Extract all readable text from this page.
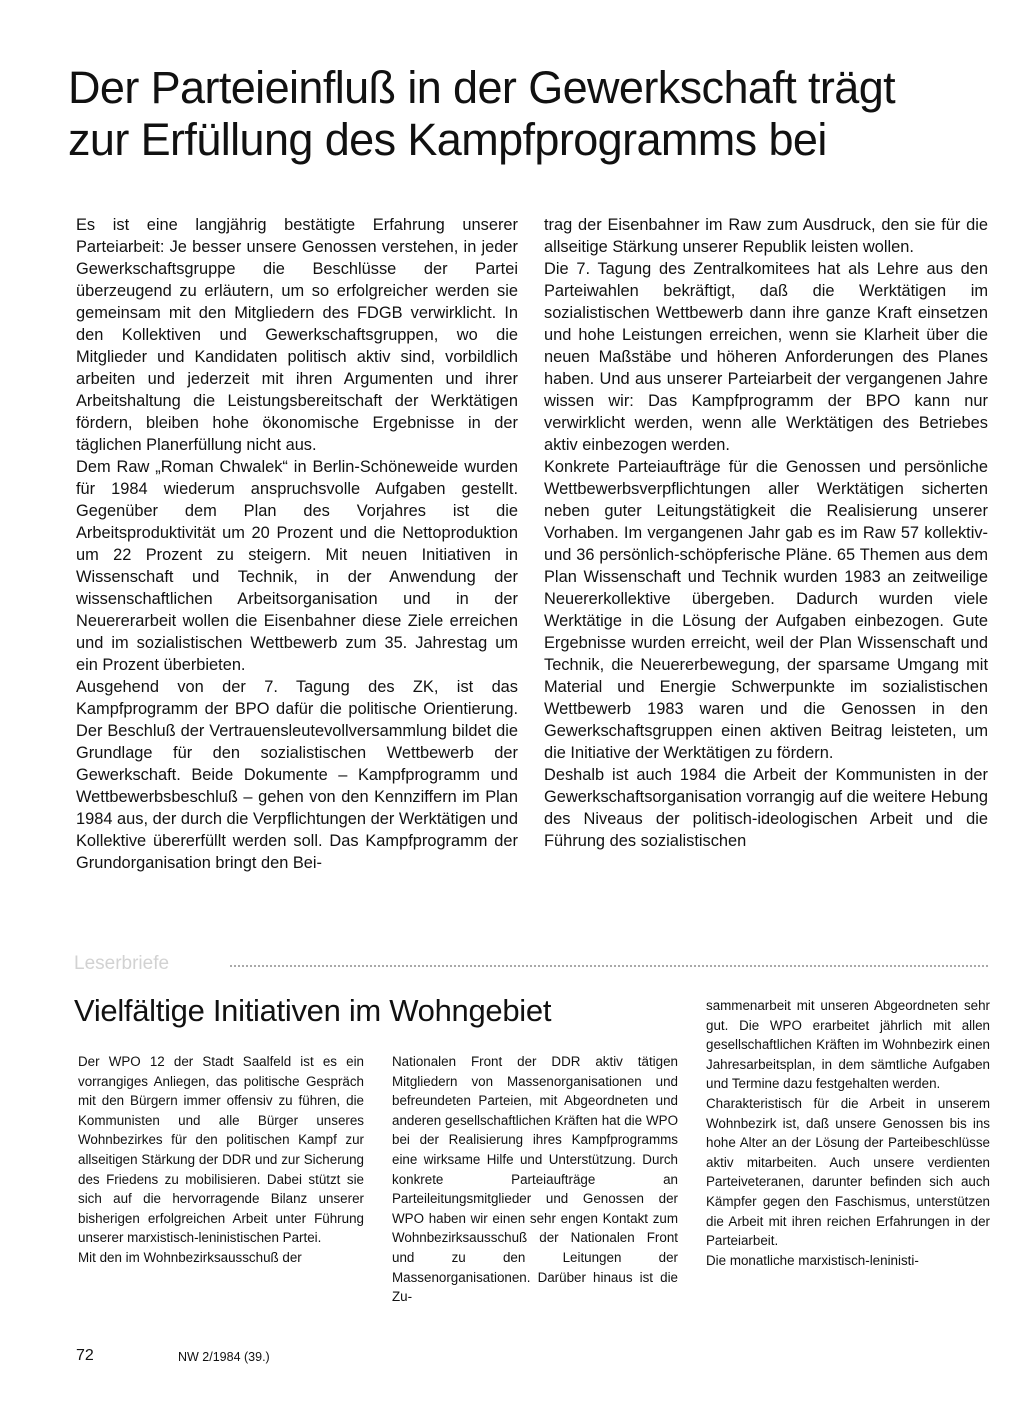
Der Parteieinfluß in der Gewerkschaft trägt
zur Erfüllung des Kampfprogramms bei

Es ist eine langjährig bestätigte Erfahrung unserer Parteiarbeit: Je besser unsere Genossen verstehen, in jeder Gewerkschaftsgruppe die Beschlüsse der Partei überzeugend zu erläutern, um so erfolgreicher werden sie gemeinsam mit den Mitgliedern des FDGB verwirklicht. In den Kollektiven und Gewerkschaftsgruppen, wo die Mitglieder und Kandidaten politisch aktiv sind, vorbildlich arbeiten und jederzeit mit ihren Argumenten und ihrer Arbeitshaltung die Leistungsbereitschaft der Werktätigen fördern, bleiben hohe ökonomische Ergebnisse in der täglichen Planerfüllung nicht aus.

Dem Raw „Roman Chwalek“ in Berlin-Schöneweide wurden für 1984 wiederum anspruchsvolle Aufgaben gestellt. Gegenüber dem Plan des Vorjahres ist die Arbeitsproduktivität um 20 Prozent und die Nettoproduktion um 22 Prozent zu steigern. Mit neuen Initiativen in Wissenschaft und Technik, in der Anwendung der wissenschaftlichen Arbeitsorganisation und in der Neuererarbeit wollen die Eisenbahner diese Ziele erreichen und im sozialistischen Wettbewerb zum 35. Jahrestag um ein Prozent überbieten.

Ausgehend von der 7. Tagung des ZK, ist das Kampfprogramm der BPO dafür die politische Orientierung. Der Beschluß der Vertrauensleutevollversammlung bildet die Grundlage für den sozialistischen Wettbewerb der Gewerkschaft. Beide Dokumente – Kampfprogramm und Wettbewerbsbeschluß – gehen von den Kennziffern im Plan 1984 aus, der durch die Verpflichtungen der Werktätigen und Kollektive übererfüllt werden soll. Das Kampfprogramm der Grundorganisation bringt den Bei-

trag der Eisenbahner im Raw zum Ausdruck, den sie für die allseitige Stärkung unserer Republik leisten wollen.

Die 7. Tagung des Zentralkomitees hat als Lehre aus den Parteiwahlen bekräftigt, daß die Werktätigen im sozialistischen Wettbewerb dann ihre ganze Kraft einsetzen und hohe Leistungen erreichen, wenn sie Klarheit über die neuen Maßstäbe und höheren Anforderungen des Planes haben. Und aus unserer Parteiarbeit der vergangenen Jahre wissen wir: Das Kampfprogramm der BPO kann nur verwirklicht werden, wenn alle Werktätigen des Betriebes aktiv einbezogen werden.

Konkrete Parteiaufträge für die Genossen und persönliche Wettbewerbsverpflichtungen aller Werktätigen sicherten neben guter Leitungstätigkeit die Realisierung unserer Vorhaben. Im vergangenen Jahr gab es im Raw 57 kollektiv- und 36 persönlich-schöpferische Pläne. 65 Themen aus dem Plan Wissenschaft und Technik wurden 1983 an zeitweilige Neuererkollektive übergeben. Dadurch wurden viele Werktätige in die Lösung der Aufgaben einbezogen. Gute Ergebnisse wurden erreicht, weil der Plan Wissenschaft und Technik, die Neuererbewegung, der sparsame Umgang mit Material und Energie Schwerpunkte im sozialistischen Wettbewerb 1983 waren und die Genossen in den Gewerkschaftsgruppen einen aktiven Beitrag leisteten, um die Initiative der Werktätigen zu fördern.

Deshalb ist auch 1984 die Arbeit der Kommunisten in der Gewerkschaftsorganisation vorrangig auf die weitere Hebung des Niveaus der politisch-ideologischen Arbeit und die Führung des sozialistischen

Leserbriefe
Vielfältige Initiativen im Wohngebiet

Der WPO 12 der Stadt Saalfeld ist es ein vorrangiges Anliegen, das politische Gespräch mit den Bürgern immer offensiv zu führen, die Kommunisten und alle Bürger unseres Wohnbezirkes für den politischen Kampf zur allseitigen Stärkung der DDR und zur Sicherung des Friedens zu mobilisieren. Dabei stützt sie sich auf die hervorragende Bilanz unserer bisherigen erfolgreichen Arbeit unter Führung unserer marxistisch-leninistischen Partei.

Mit den im Wohnbezirksausschuß der

Nationalen Front der DDR aktiv tätigen Mitgliedern von Massenorganisationen und befreundeten Parteien, mit Abgeordneten und anderen gesellschaftlichen Kräften hat die WPO bei der Realisierung ihres Kampfprogramms eine wirksame Hilfe und Unterstützung. Durch konkrete Parteiaufträge an Parteileitungsmitglieder und Genossen der WPO haben wir einen sehr engen Kontakt zum Wohnbezirksausschuß der Nationalen Front und zu den Leitungen der Massenorganisationen. Darüber hinaus ist die Zu-

sammenarbeit mit unseren Abgeordneten sehr gut. Die WPO erarbeitet jährlich mit allen gesellschaftlichen Kräften im Wohnbezirk einen Jahresarbeitsplan, in dem sämtliche Aufgaben und Termine dazu festgehalten werden.

Charakteristisch für die Arbeit in unserem Wohnbezirk ist, daß unsere Genossen bis ins hohe Alter an der Lösung der Parteibeschlüsse aktiv mitarbeiten. Auch unsere verdienten Parteiveteranen, darunter befinden sich auch Kämpfer gegen den Faschismus, unterstützen die Arbeit mit ihren reichen Erfahrungen in der Parteiarbeit.

Die monatliche marxistisch-leninisti-

72	NW 2/1984 (39.)
